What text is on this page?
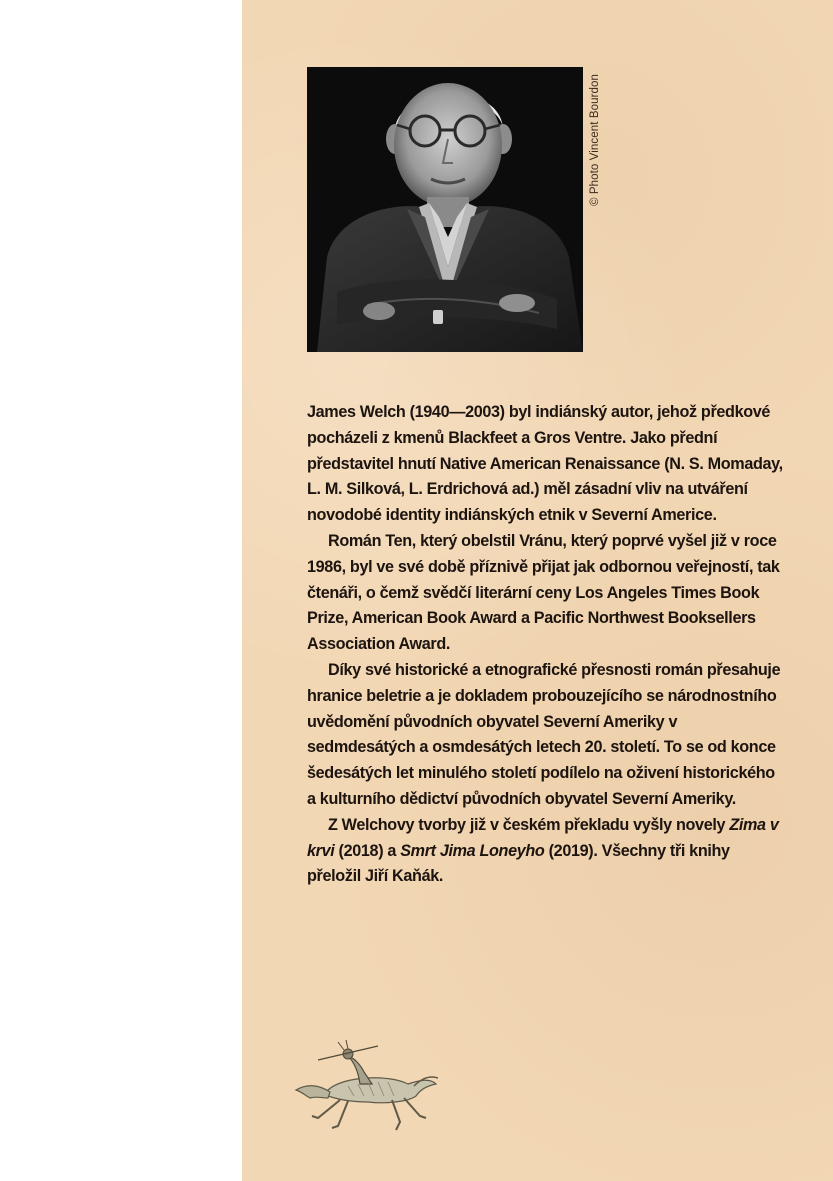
© Photo Vincent Bourdon

James Welch (1940—2003) byl indiánský autor, jehož předkové pocházeli z kmenů Blackfeet a Gros Ventre. Jako přední představitel hnutí Native American Renaissance (N. S. Momaday, L. M. Silková, L. Erdrichová ad.) měl zásadní vliv na utváření novodobé identity indiánských etnik v Severní Americe.

Román Ten, který obelstil Vránu, který poprvé vyšel již v roce 1986, byl ve své době příznivě přijat jak odbornou veřejností, tak čtenáři, o čemž svědčí literární ceny Los Angeles Times Book Prize, American Book Award a Pacific Northwest Booksellers Association Award.

Díky své historické a etnografické přesnosti román přesahuje hranice beletrie a je dokladem probouzejícího se národnostního uvědomění původních obyvatel Severní Ameriky v sedmdesátých a osmdesátých letech 20. století. To se od konce šedesátých let minulého století podílelo na oživení historického a kulturního dědictví původních obyvatel Severní Ameriky.

Z Welchovy tvorby již v českém překladu vyšly novely Zima v krvi (2018) a Smrt Jima Loneyho (2019). Všechny tři knihy přeložil Jiří Kaňák.
